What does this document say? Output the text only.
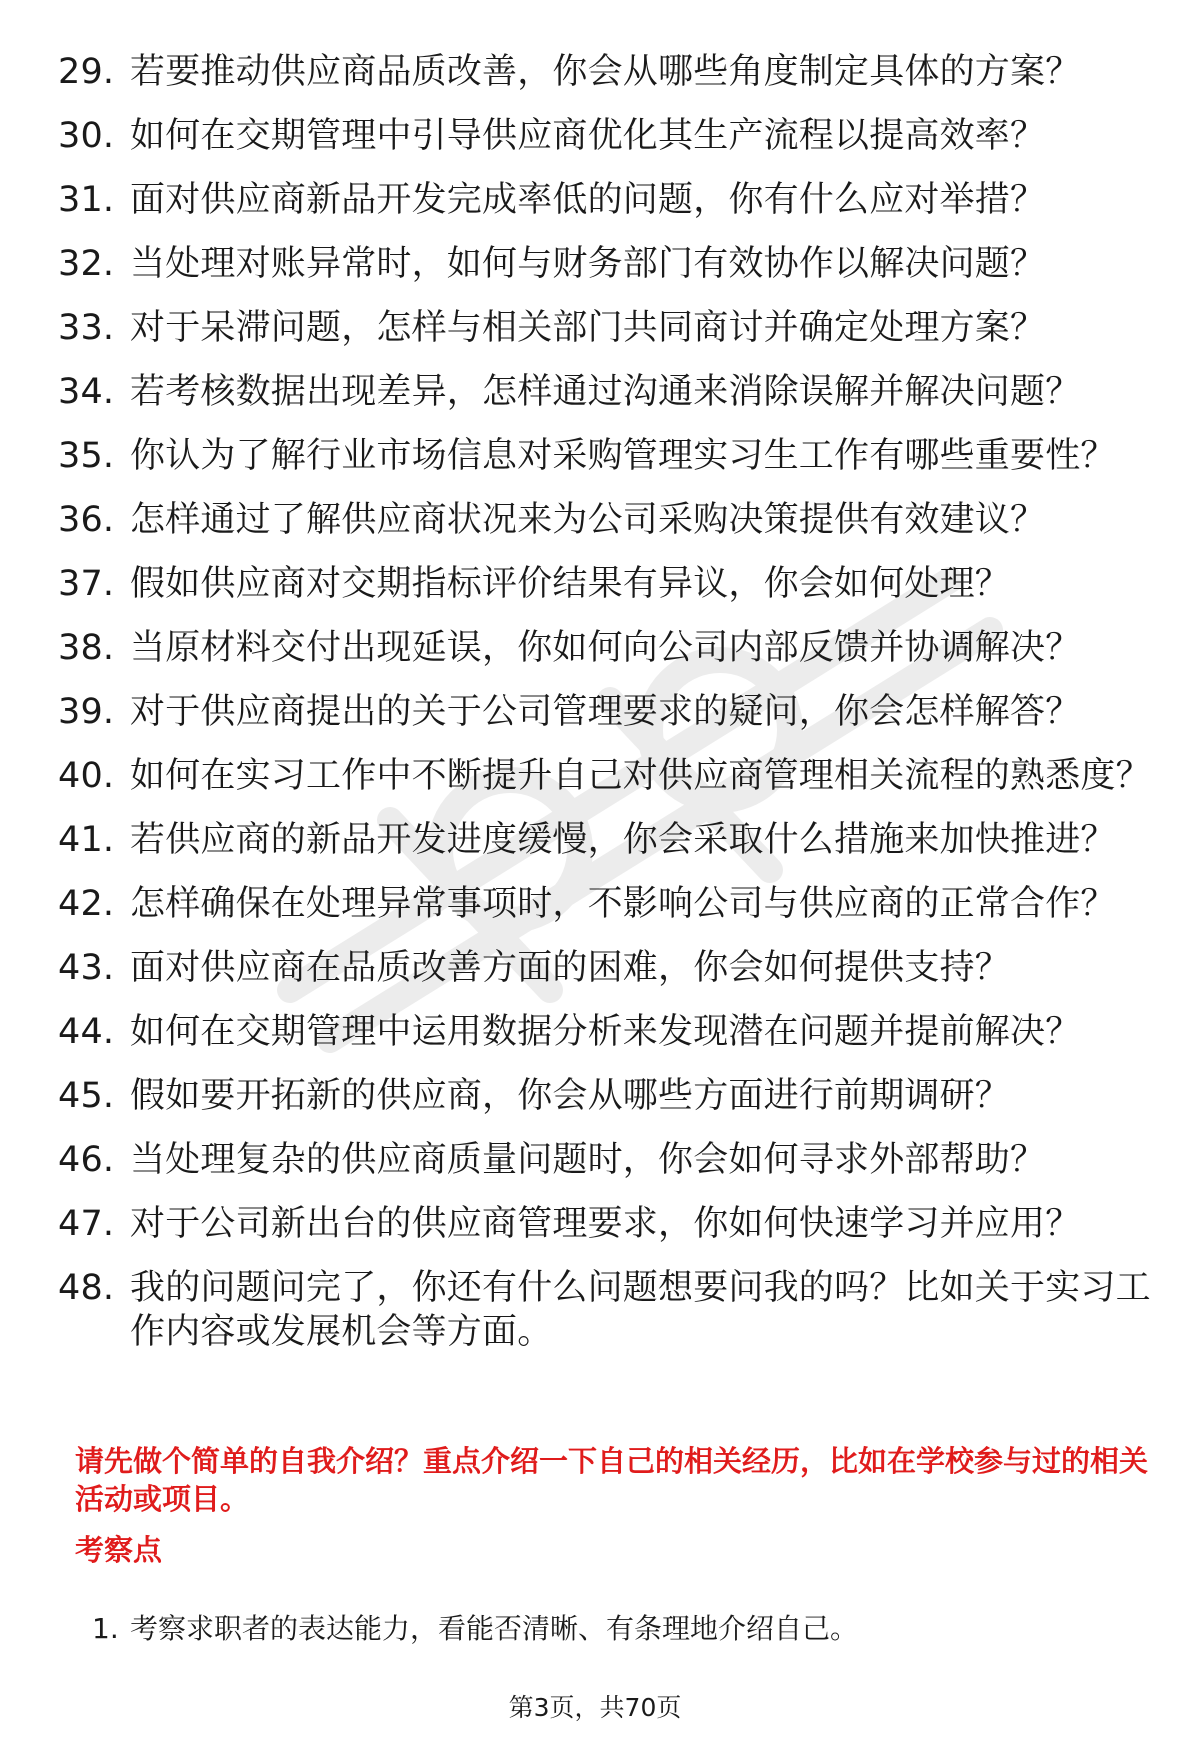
29. 若要推动供应商品质改善，你会从哪些角度制定具体的方案？
30. 如何在交期管理中引导供应商优化其生产流程以提高效率？
31. 面对供应商新品开发完成率低的问题，你有什么应对举措？
32. 当处理对账异常时，如何与财务部门有效协作以解决问题？
33. 对于呆滞问题，怎样与相关部门共同商讨并确定处理方案？
34. 若考核数据出现差异，怎样通过沟通来消除误解并解决问题？
35. 你认为了解行业市场信息对采购管理实习生工作有哪些重要性？
36. 怎样通过了解供应商状况来为公司采购决策提供有效建议？
37. 假如供应商对交期指标评价结果有异议，你会如何处理？
38. 当原材料交付出现延误，你如何向公司内部反馈并协调解决？
39. 对于供应商提出的关于公司管理要求的疑问，你会怎样解答？
40. 如何在实习工作中不断提升自己对供应商管理相关流程的熟悉度？
41. 若供应商的新品开发进度缓慢，你会采取什么措施来加快推进？
42. 怎样确保在处理异常事项时，不影响公司与供应商的正常合作？
43. 面对供应商在品质改善方面的困难，你会如何提供支持？
44. 如何在交期管理中运用数据分析来发现潜在问题并提前解决？
45. 假如要开拓新的供应商，你会从哪些方面进行前期调研？
46. 当处理复杂的供应商质量问题时，你会如何寻求外部帮助？
47. 对于公司新出台的供应商管理要求，你如何快速学习并应用？
48. 我的问题问完了，你还有什么问题想要问我的吗？比如关于实习工作内容或发展机会等方面。
请先做个简单的自我介绍？重点介绍一下自己的相关经历，比如在学校参与过的相关活动或项目。
考察点
1. 考察求职者的表达能力，看能否清晰、有条理地介绍自己。
第3页，共70页
